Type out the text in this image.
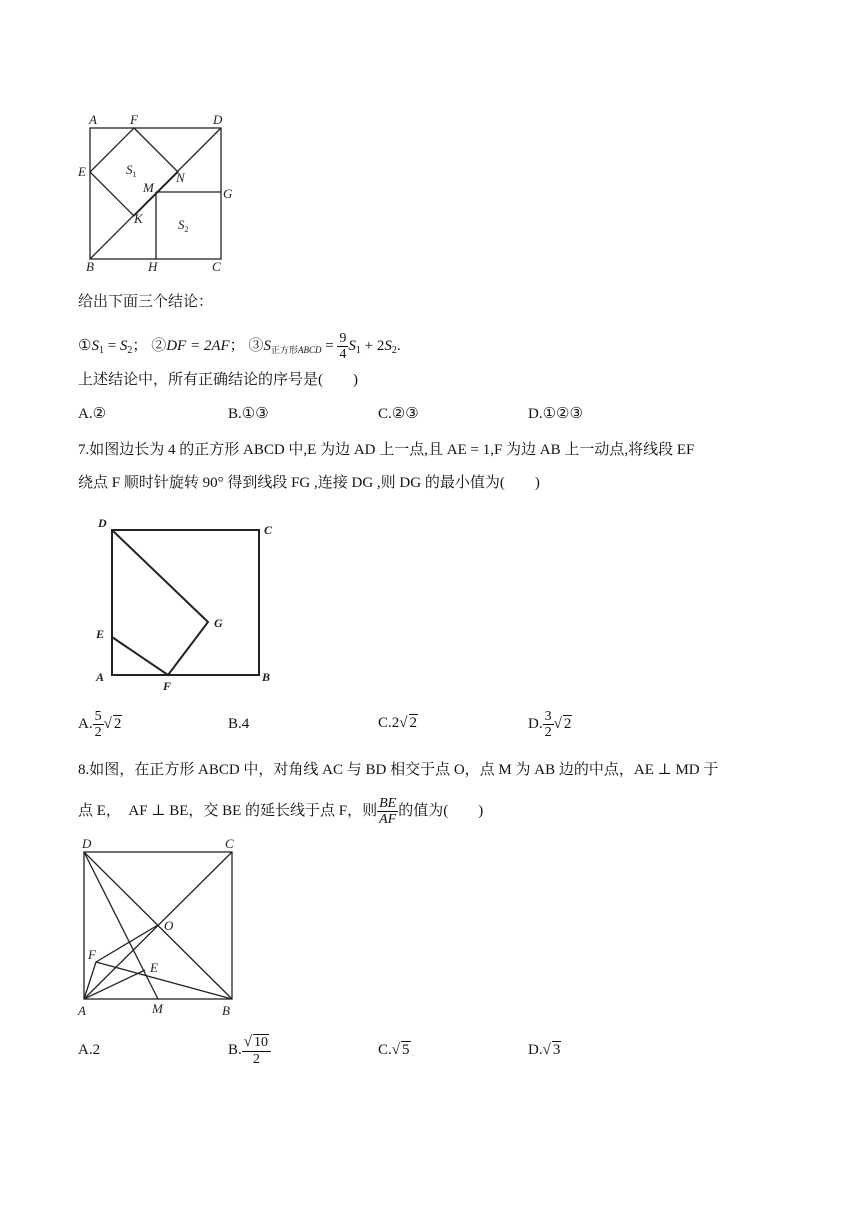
A	F	D
E	$S_1$
M
N
G
K	$S_2$
B	H	C
给出下面三个结论：
$①S_1 = S_2$； ②DF = 2AF； $③S_{正方形ABCD} = \frac{9}{4} S_1 + 2S_2$.
上述结论中，所有正确结论的序号是(　　)
A.②	B.①③	C.②③	D.①②③
7.如图边长为 4 的正方形 ABCD 中,E 为边 AD 上一点,且 AE = 1,F 为边 AB 上一动点,将线段 EF
绕点 F 顺时针旋转 90° 得到线段 FG ,连接 DG ,则 DG 的最小值为(　　)
D	C
E
G
A
F
B
A. $\frac{5}{2}$ √ 2	B.4	C.2√ 2	D. $\frac{3}{2}$ √ 2
8.如图，在正方形 ABCD 中，对角线 AC 与 BD 相交于点 O，点 M 为 AB 边的中点，AE ⊥ MD 于
点 E，　AF ⊥ BE，交 BE 的延长线于点 F，则 $\frac{BE}{AF}$ 的值为(　　)
D	C
O
F
E
A	M	B
A.2	B. $\frac{√ 10}{2}$	C.√ 5	D.√ 3
